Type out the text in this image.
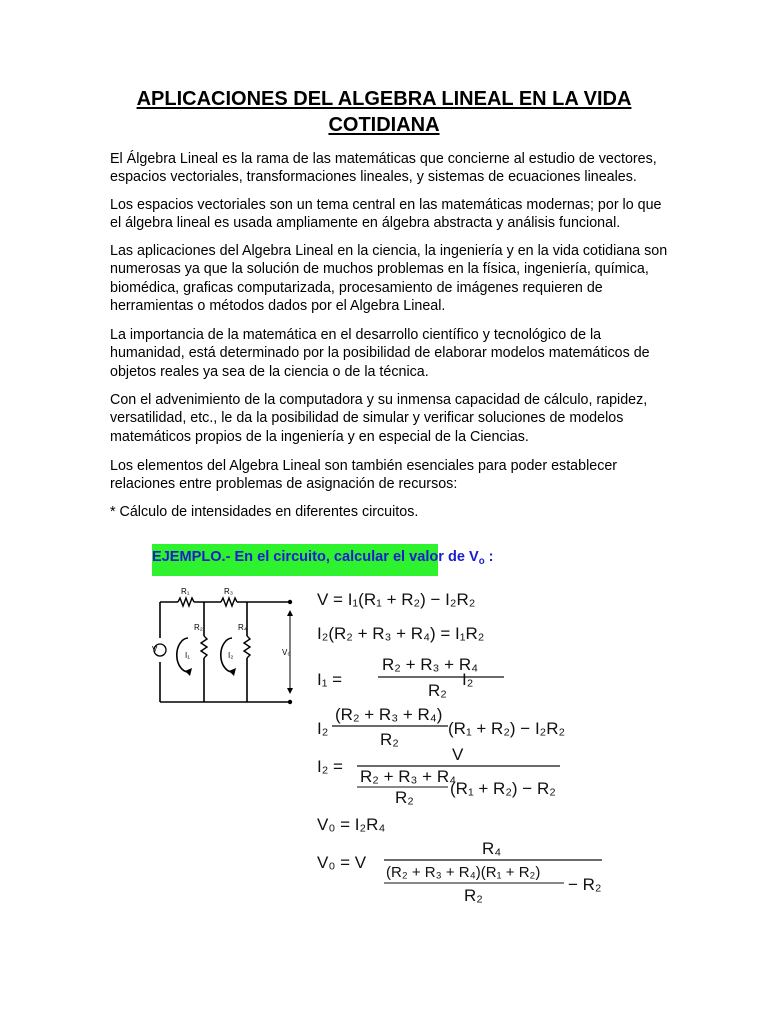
APLICACIONES DEL ALGEBRA LINEAL EN LA VIDA
COTIDIANA

El Álgebra Lineal es la rama de las matemáticas que concierne al estudio de vectores, espacios vectoriales, transformaciones lineales, y sistemas de ecuaciones lineales.

Los espacios vectoriales son un tema central en las matemáticas modernas; por lo que el álgebra lineal es usada ampliamente en álgebra abstracta y análisis funcional.

Las aplicaciones del Algebra Lineal en la ciencia, la ingeniería y en la vida cotidiana son numerosas ya que la solución de muchos problemas en la física, ingeniería, química, biomédica, graficas computarizada, procesamiento de imágenes requieren de herramientas o métodos dados por el Algebra Lineal.

La importancia de la matemática en el desarrollo científico y tecnológico de la humanidad, está determinado por la posibilidad de elaborar modelos matemáticos de objetos reales ya sea de la ciencia o de la técnica.

Con el advenimiento de la computadora y su inmensa capacidad de cálculo, rapidez, versatilidad, etc., le da la posibilidad de simular y verificar soluciones de modelos matemáticos propios de la ingeniería y en especial de la Ciencias.

Los elementos del Algebra Lineal son también esenciales para poder establecer relaciones entre problemas de asignación de recursos:

* Cálculo de intensidades en diferentes circuitos.

EJEMPLO.- En el circuito, calcular el valor de $V_o$ :
V
R₁	R₃
R₂	R₄
I₁	I₂	V₀
V = I₁(R₁ + R₂) − I₂R₂
I₂(R₂ + R₃ + R₄) = I₁R₂
I₁ =
R₂ + R₃ + R₄
R₂
I₂
I₂
(R₂ + R₃ + R₄)
R₂
(R₁ + R₂) − I₂R₂
I₂ =
V
R₂ + R₃ + R₄
R₂ (R₁ + R₂) − R₂
V₀ = I₂R₄
V₀ = V
R₄
(R₂ + R₃ + R₄)(R₁ + R₂)
R₂
− R₂
